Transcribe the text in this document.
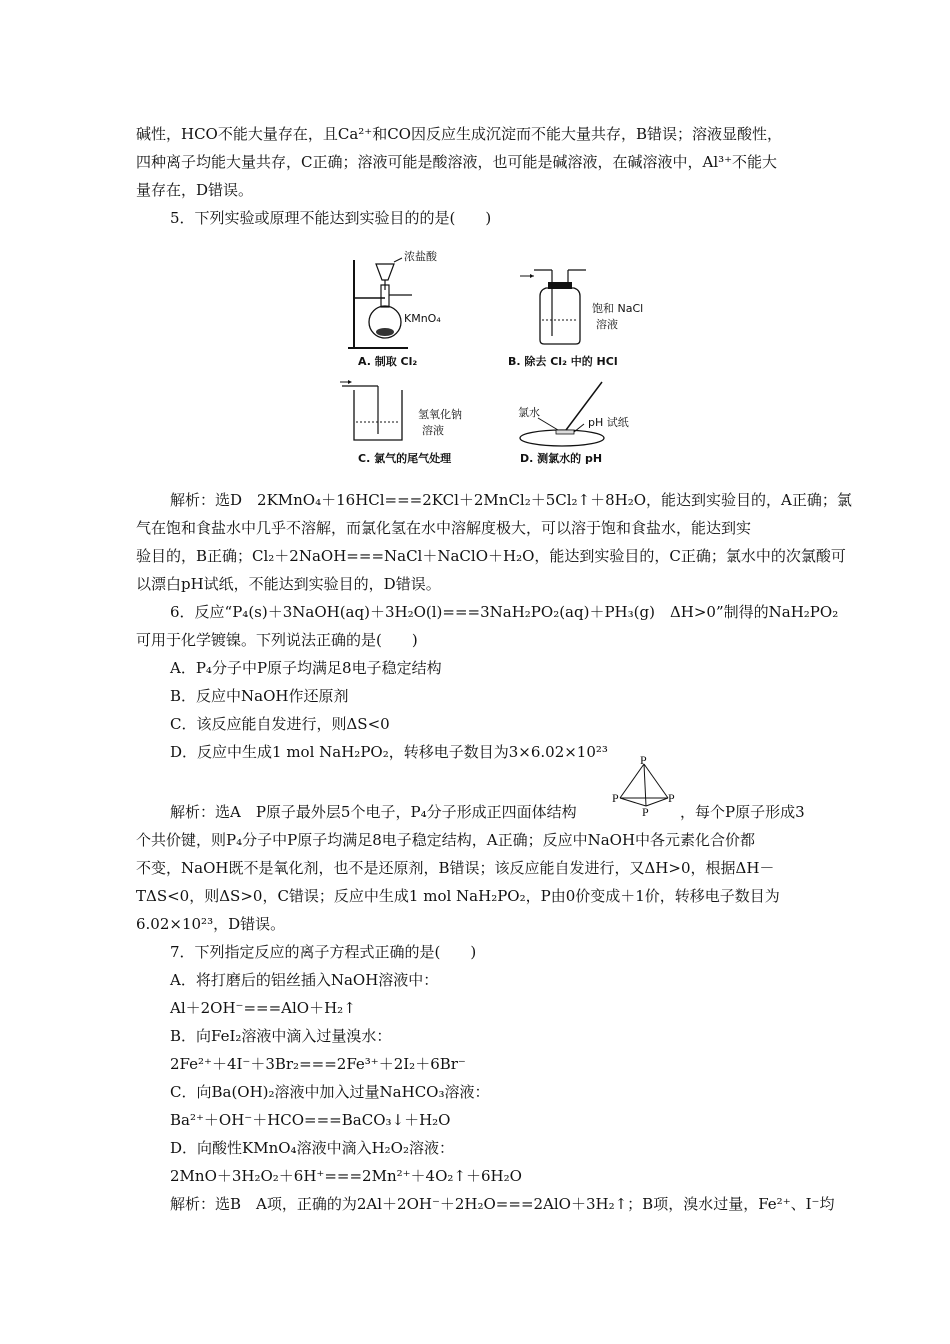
碱性，HCO不能大量存在，且Ca²⁺和CO因反应生成沉淀而不能大量共存，B错误；溶液显酸性，
四种离子均能大量共存，C正确；溶液可能是酸溶液，也可能是碱溶液，在碱溶液中，Al³⁺不能大
量存在，D错误。
5．下列实验或原理不能达到实验目的的是(　　)
浓盐酸
KMnO₄
A. 制取 Cl₂
饱和 NaCl
溶液
B. 除去 Cl₂ 中的 HCl
氢氧化钠
溶液
C. 氯气的尾气处理
氯水
pH 试纸
D. 测氯水的 pH
解析：选D　2KMnO₄＋16HCl===2KCl＋2MnCl₂＋5Cl₂↑＋8H₂O，能达到实验目的，A正确；氯
气在饱和食盐水中几乎不溶解，而氯化氢在水中溶解度极大，可以溶于饱和食盐水，能达到实
验目的，B正确；Cl₂＋2NaOH===NaCl＋NaClO＋H₂O，能达到实验目的，C正确；氯水中的次氯酸可
以漂白pH试纸，不能达到实验目的，D错误。
6．反应“P₄(s)＋3NaOH(aq)＋3H₂O(l)===3NaH₂PO₂(aq)＋PH₃(g)　ΔH>0”制得的NaH₂PO₂
可用于化学镀镍。下列说法正确的是(　　)
A．P₄分子中P原子均满足8电子稳定结构
B．反应中NaOH作还原剂
C．该反应能自发进行，则ΔS<0
D．反应中生成1 mol NaH₂PO₂，转移电子数目为3×6.02×10²³
解析：选A　P原子最外层5个电子，P₄分子形成正四面体结构
P
P	P
P ，每个P原子形成3
个共价键，则P₄分子中P原子均满足8电子稳定结构，A正确；反应中NaOH中各元素化合价都
不变，NaOH既不是氧化剂，也不是还原剂，B错误；该反应能自发进行，又ΔH>0，根据ΔH－
TΔS<0，则ΔS>0，C错误；反应中生成1 mol NaH₂PO₂，P由0价变成＋1价，转移电子数目为
6.02×10²³，D错误。
7．下列指定反应的离子方程式正确的是(　　)
A．将打磨后的铝丝插入NaOH溶液中：
Al＋2OH⁻===AlO＋H₂↑
B．向FeI₂溶液中滴入过量溴水：
2Fe²⁺＋4I⁻＋3Br₂===2Fe³⁺＋2I₂＋6Br⁻
C．向Ba(OH)₂溶液中加入过量NaHCO₃溶液：
Ba²⁺＋OH⁻＋HCO===BaCO₃↓＋H₂O
D．向酸性KMnO₄溶液中滴入H₂O₂溶液：
2MnO＋3H₂O₂＋6H⁺===2Mn²⁺＋4O₂↑＋6H₂O
解析：选B　A项，正确的为2Al＋2OH⁻＋2H₂O===2AlO＋3H₂↑；B项，溴水过量，Fe²⁺、I⁻均
